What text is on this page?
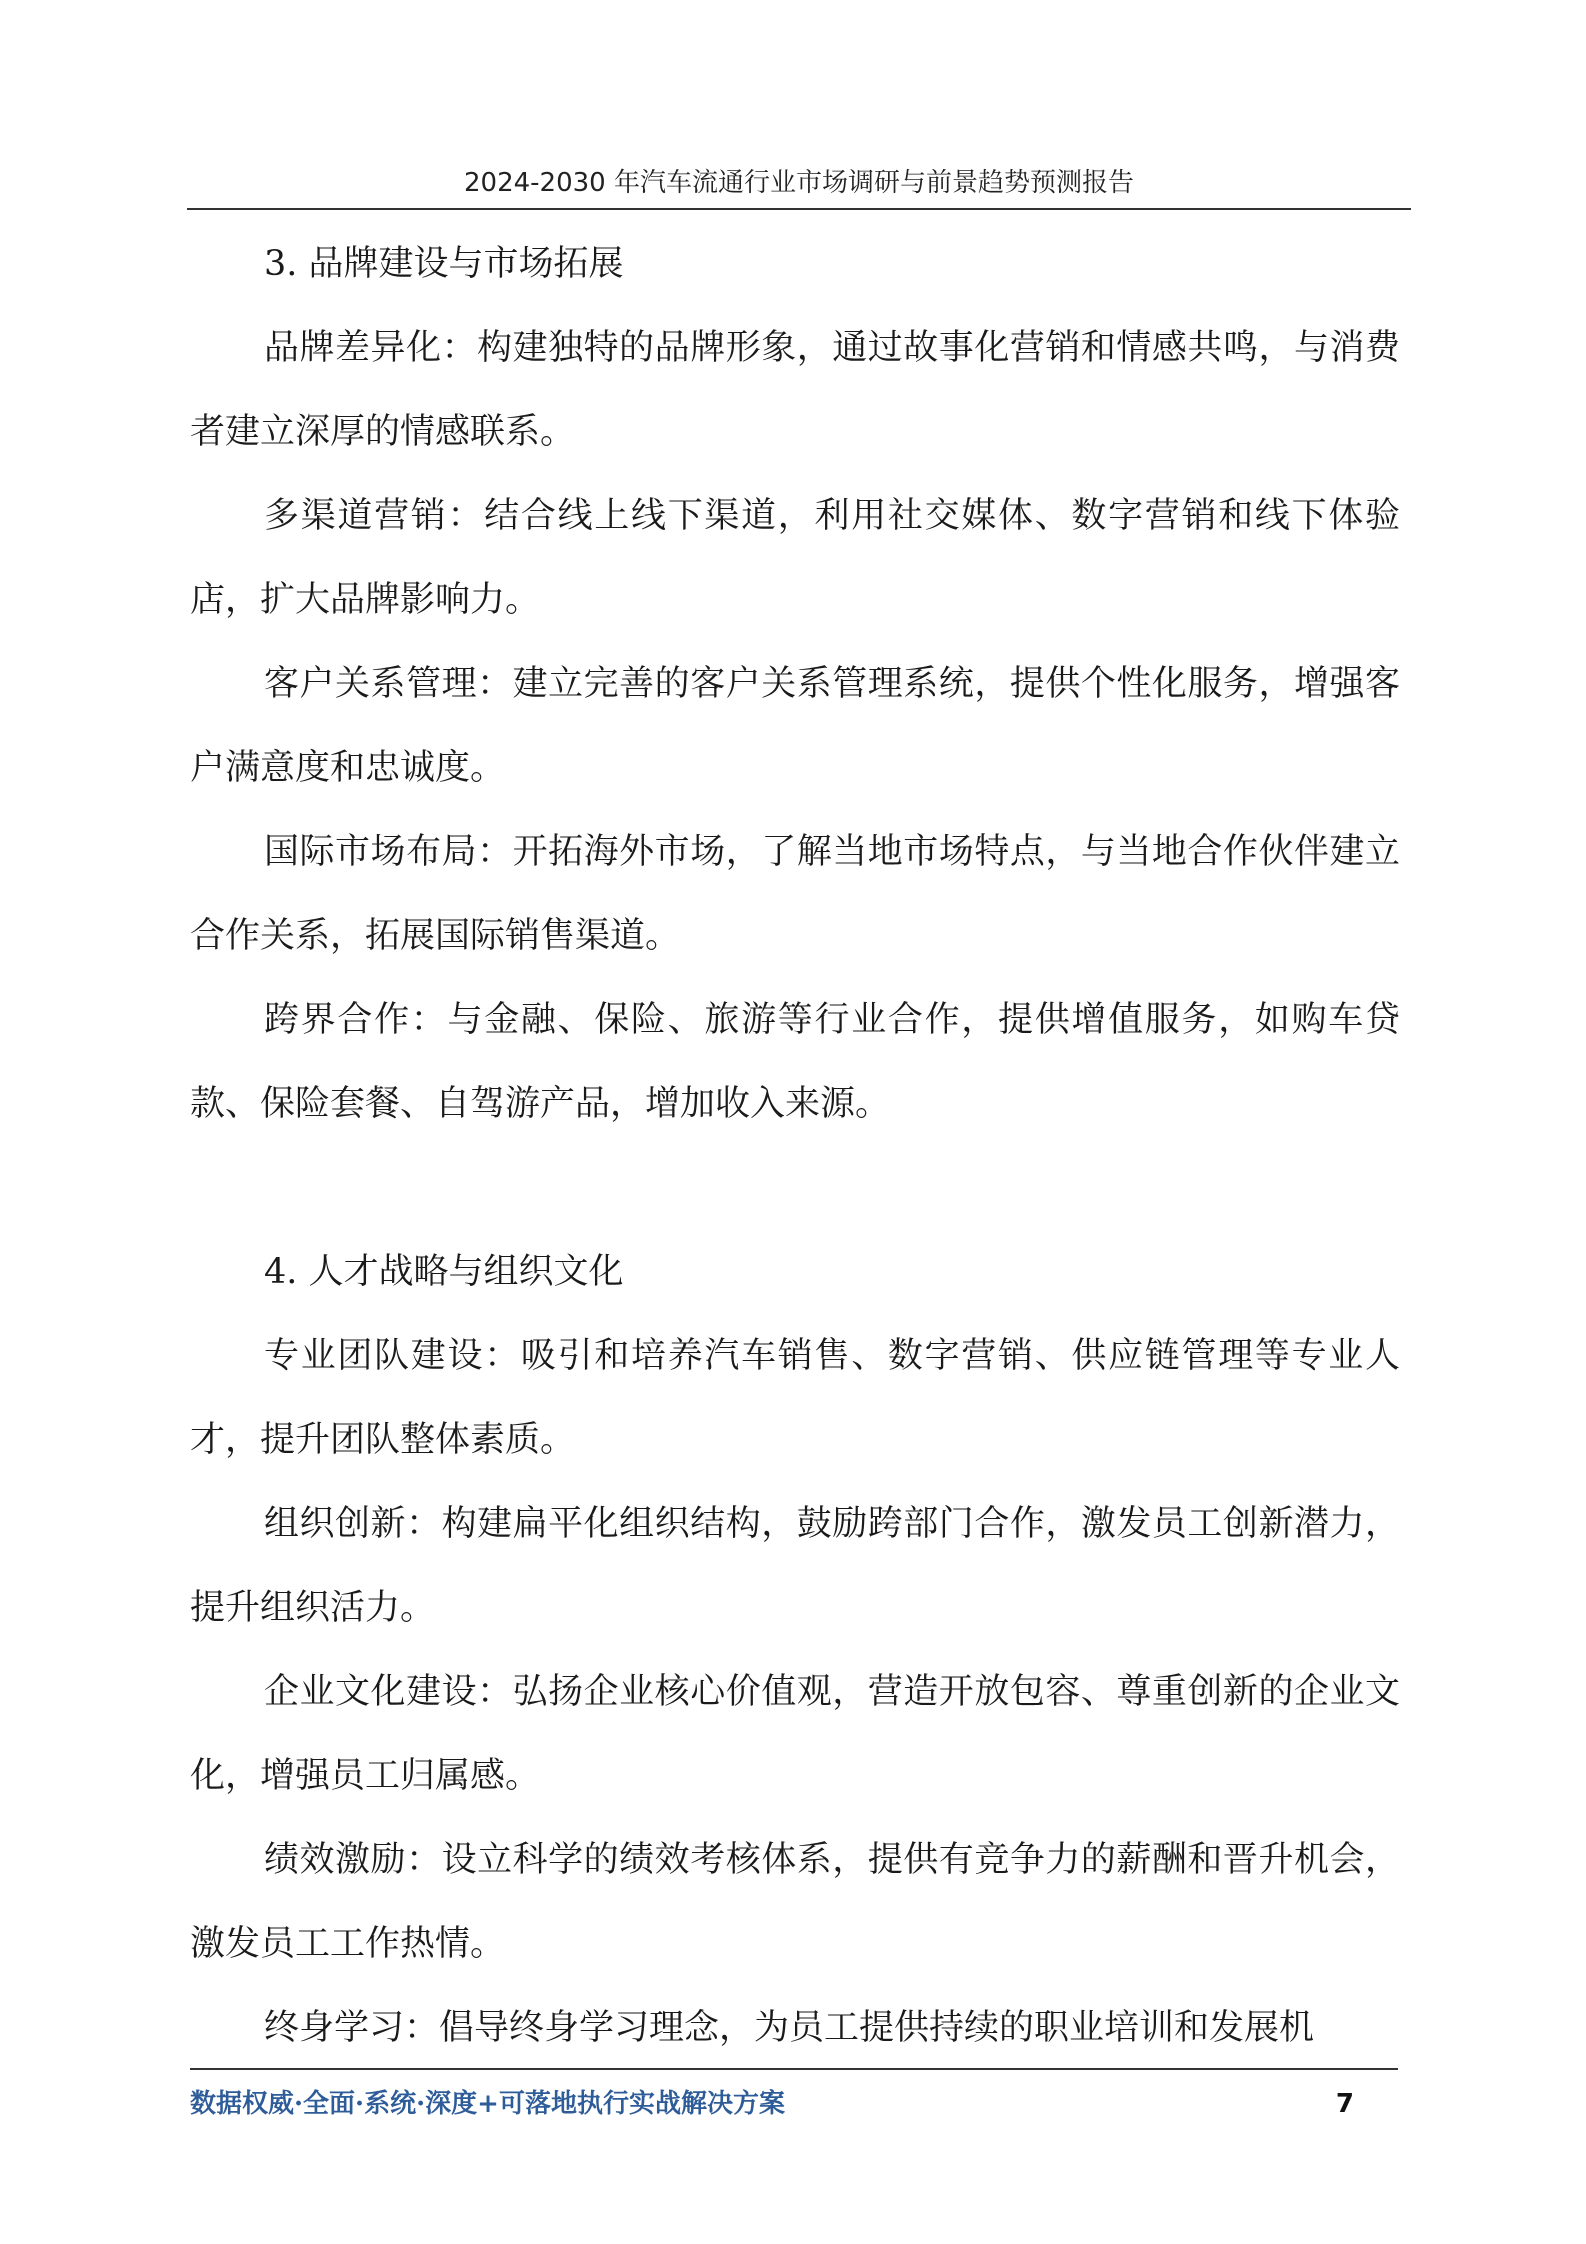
2024-2030 年汽车流通行业市场调研与前景趋势预测报告

3. 品牌建设与市场拓展

品牌差异化：构建独特的品牌形象，通过故事化营销和情感共鸣，与消费者建立深厚的情感联系。

多渠道营销：结合线上线下渠道，利用社交媒体、数字营销和线下体验店，扩大品牌影响力。

客户关系管理：建立完善的客户关系管理系统，提供个性化服务，增强客户满意度和忠诚度。

国际市场布局：开拓海外市场，了解当地市场特点，与当地合作伙伴建立合作关系，拓展国际销售渠道。

跨界合作：与金融、保险、旅游等行业合作，提供增值服务，如购车贷款、保险套餐、自驾游产品，增加收入来源。

4. 人才战略与组织文化

专业团队建设：吸引和培养汽车销售、数字营销、供应链管理等专业人才，提升团队整体素质。

组织创新：构建扁平化组织结构，鼓励跨部门合作，激发员工创新潜力，提升组织活力。

企业文化建设：弘扬企业核心价值观，营造开放包容、尊重创新的企业文化，增强员工归属感。

绩效激励：设立科学的绩效考核体系，提供有竞争力的薪酬和晋升机会，激发员工工作热情。

终身学习：倡导终身学习理念，为员工提供持续的职业培训和发展机

数据权威·全面·系统·深度+可落地执行实战解决方案	7
